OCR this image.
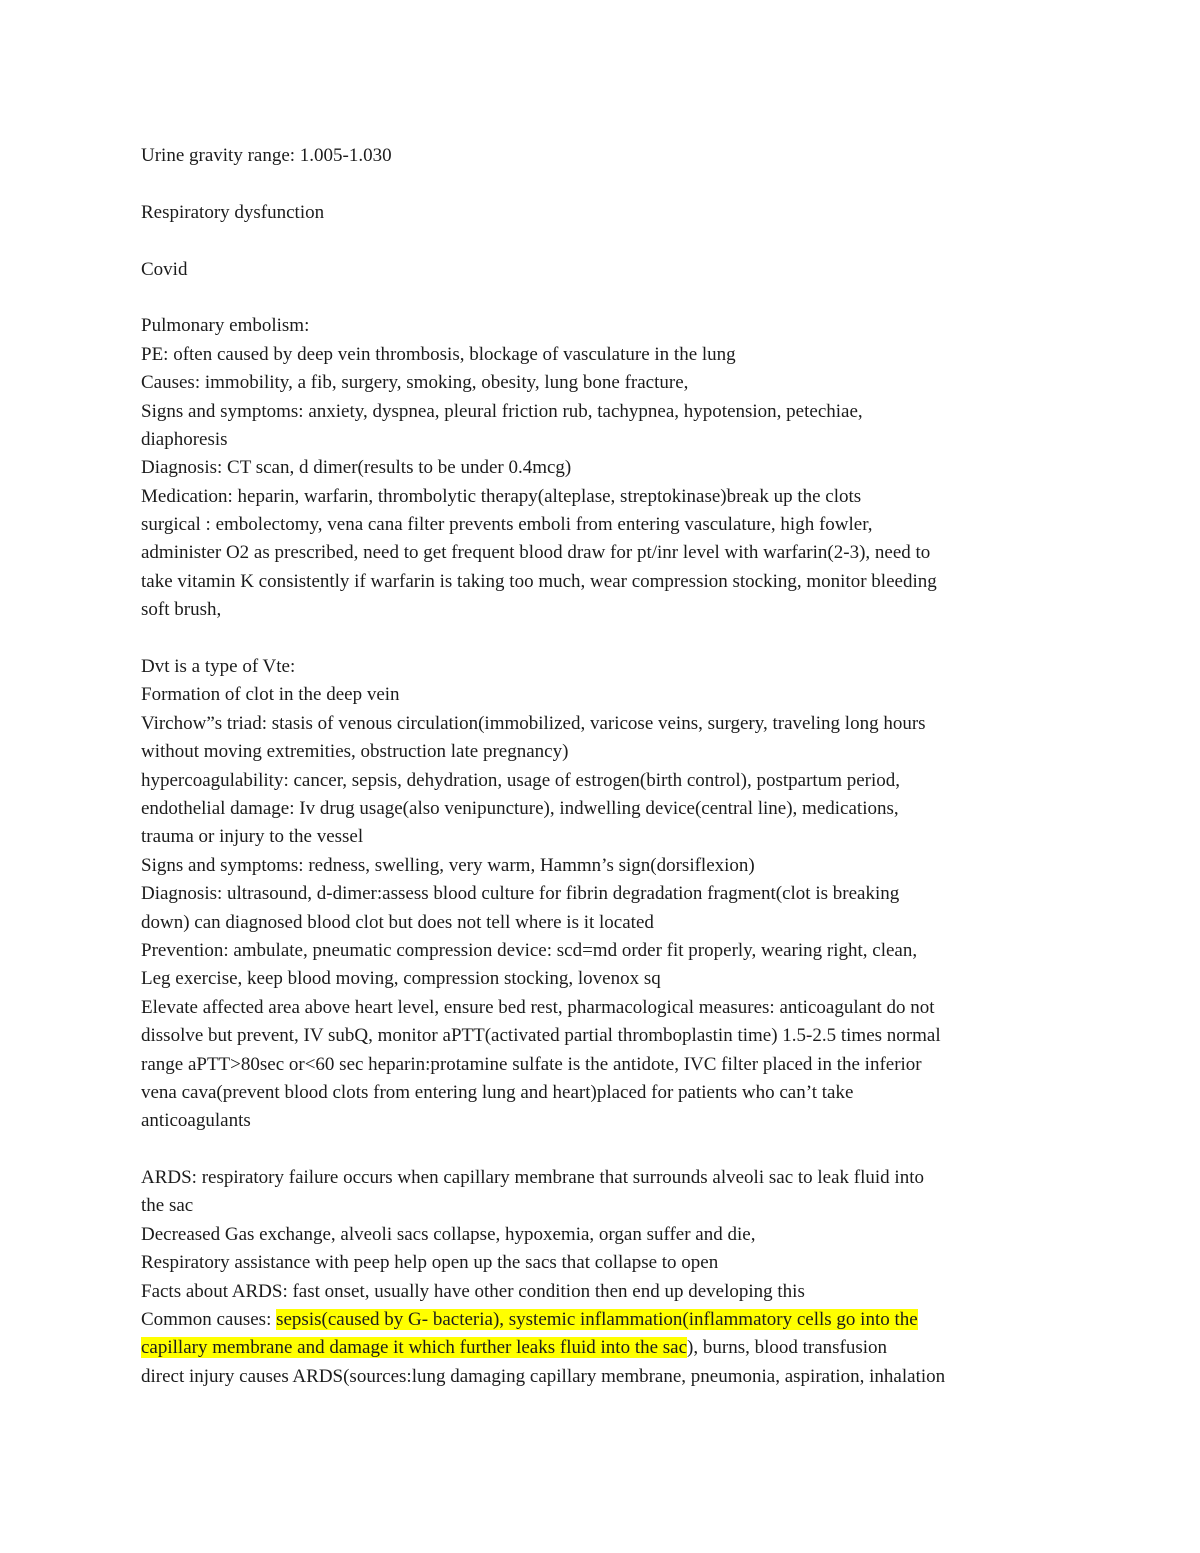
Urine gravity range: 1.005-1.030
Respiratory dysfunction
Covid
Pulmonary embolism:
PE: often caused by deep vein thrombosis, blockage of vasculature in the lung
Causes: immobility, a fib, surgery, smoking, obesity, lung bone fracture,
Signs and symptoms: anxiety, dyspnea, pleural friction rub, tachypnea, hypotension, petechiae,
diaphoresis
Diagnosis: CT scan, d dimer(results to be under 0.4mcg)
Medication: heparin, warfarin, thrombolytic therapy(alteplase, streptokinase)break up the clots
surgical : embolectomy, vena cana filter prevents emboli from entering vasculature, high fowler,
administer O2 as prescribed, need to get frequent blood draw for pt/inr level with warfarin(2-3), need to
take vitamin K consistently if warfarin is taking too much, wear compression stocking, monitor bleeding
soft brush,
Dvt is a type of Vte:
Formation of clot in the deep vein
Virchow”s triad: stasis of venous circulation(immobilized, varicose veins, surgery, traveling long hours
without moving extremities, obstruction late pregnancy)
hypercoagulability: cancer, sepsis, dehydration, usage of estrogen(birth control), postpartum period,
endothelial damage: Iv drug usage(also venipuncture), indwelling device(central line), medications,
trauma or injury to the vessel
Signs and symptoms: redness, swelling, very warm, Hammn’s sign(dorsiflexion)
Diagnosis: ultrasound, d-dimer:assess blood culture for fibrin degradation fragment(clot is breaking
down) can diagnosed blood clot but does not tell where is it located
Prevention: ambulate, pneumatic compression device: scd=md order fit properly, wearing right, clean,
Leg exercise, keep blood moving, compression stocking, lovenox sq
Elevate affected area above heart level, ensure bed rest, pharmacological measures: anticoagulant do not
dissolve but prevent, IV subQ, monitor aPTT(activated partial thromboplastin time) 1.5-2.5 times normal
range aPTT>80sec or<60 sec heparin:protamine sulfate is the antidote, IVC filter placed in the inferior
vena cava(prevent blood clots from entering lung and heart)placed for patients who can’t take
anticoagulants
ARDS: respiratory failure occurs when capillary membrane that surrounds alveoli sac to leak fluid into
the sac
Decreased Gas exchange, alveoli sacs collapse, hypoxemia, organ suffer and die,
Respiratory assistance with peep help open up the sacs that collapse to open
Facts about ARDS: fast onset, usually have other condition then end up developing this
Common causes: sepsis(caused by G- bacteria), systemic inflammation(inflammatory cells go into the
capillary membrane and damage it which further leaks fluid into the sac), burns, blood transfusion
direct injury causes ARDS(sources:lung damaging capillary membrane, pneumonia, aspiration, inhalation
